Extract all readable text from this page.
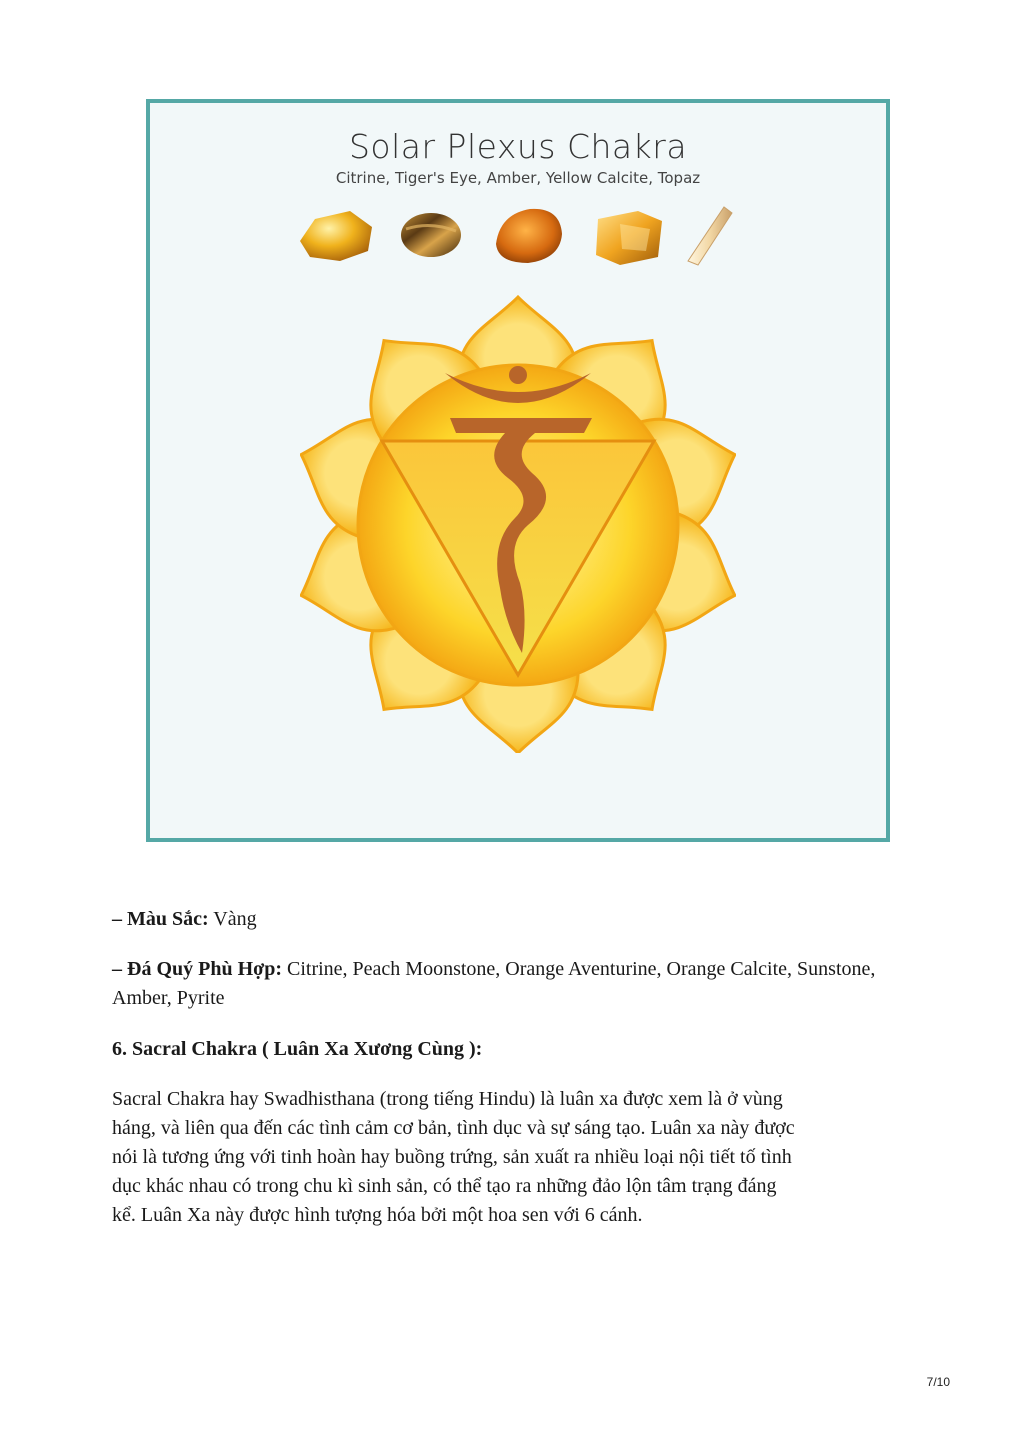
Solar Plexus Chakra
Citrine, Tiger's Eye, Amber, Yellow Calcite, Topaz
– Màu Sắc: Vàng
– Đá Quý Phù Hợp: Citrine, Peach Moonstone, Orange Aventurine, Orange Calcite, Sunstone, Amber, Pyrite
6. Sacral Chakra ( Luân Xa Xương Cùng ):
Sacral Chakra hay Swadhisthana (trong tiếng Hindu) là luân xa được xem là ở vùng
háng, và liên qua đến các tình cảm cơ bản, tình dục và sự sáng tạo. Luân xa này được
nói là tương ứng với tinh hoàn hay buồng trứng, sản xuất ra nhiều loại nội tiết tố tình
dục khác nhau có trong chu kì sinh sản, có thể tạo ra những đảo lộn tâm trạng đáng
kể. Luân Xa này được hình tượng hóa bởi một hoa sen với 6 cánh.
7/10
